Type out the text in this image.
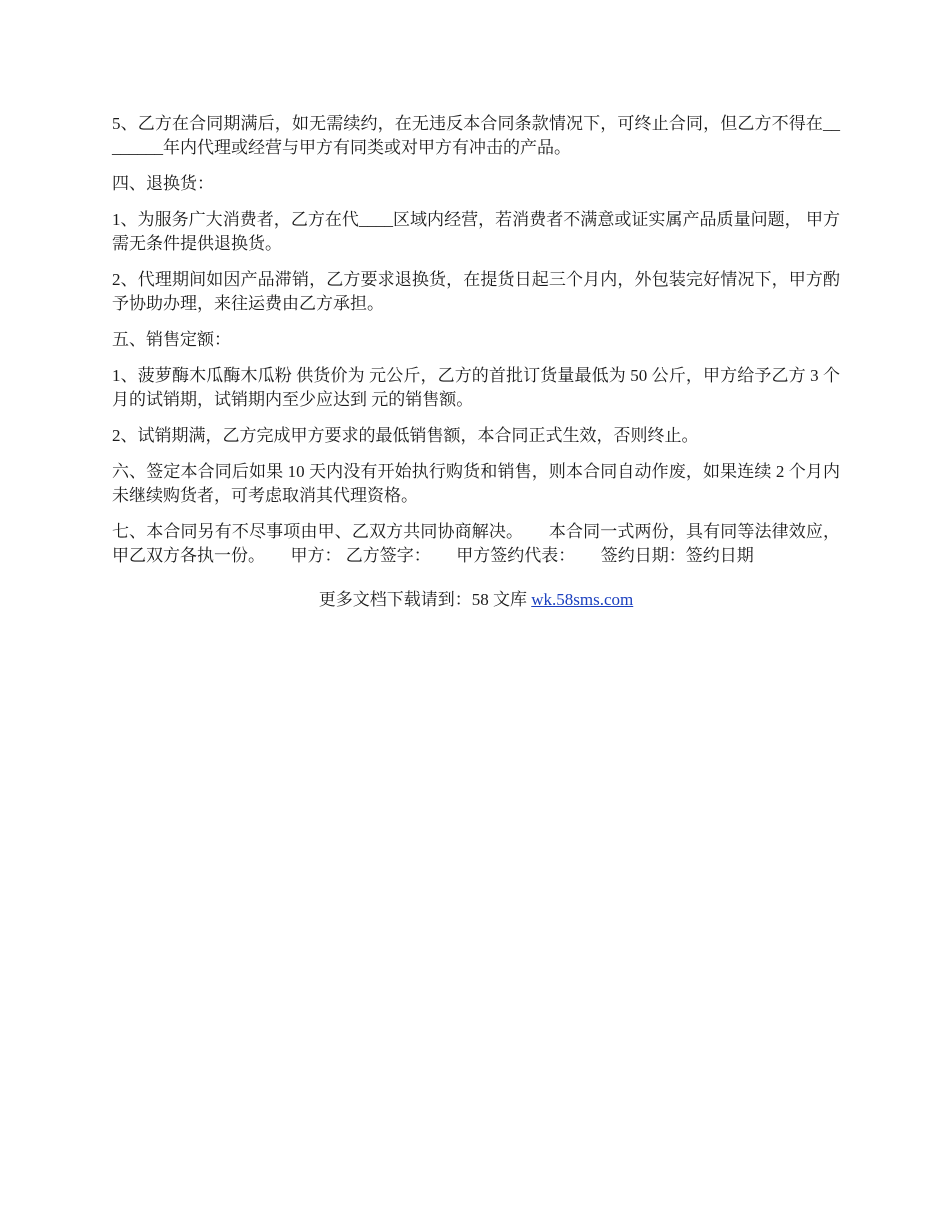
5、乙方在合同期满后，如无需续约，在无违反本合同条款情况下，可终止合同，但乙方不得在________年内代理或经营与甲方有同类或对甲方有冲击的产品。

四、退换货：

1、为服务广大消费者，乙方在代____区域内经营，若消费者不满意或证实属产品质量问题， 甲方需无条件提供退换货。

2、代理期间如因产品滞销，乙方要求退换货，在提货日起三个月内，外包装完好情况下，甲方酌予协助办理，来往运费由乙方承担。

五、销售定额：

1、菠萝酶木瓜酶木瓜粉 供货价为 元公斤，乙方的首批订货量最低为 50 公斤，甲方给予乙方 3 个月的试销期，试销期内至少应达到 元的销售额。

2、试销期满，乙方完成甲方要求的最低销售额，本合同正式生效，否则终止。

六、签定本合同后如果 10 天内没有开始执行购货和销售，则本合同自动作废，如果连续 2 个月内未继续购货者，可考虑取消其代理资格。

七、本合同另有不尽事项由甲、乙双方共同协商解决。　　本合同一式两份，具有同等法律效应，甲乙双方各执一份。　　甲方： 乙方签字：　　甲方签约代表：　　签约日期：签约日期

更多文档下载请到：58 文库 wk.58sms.com
